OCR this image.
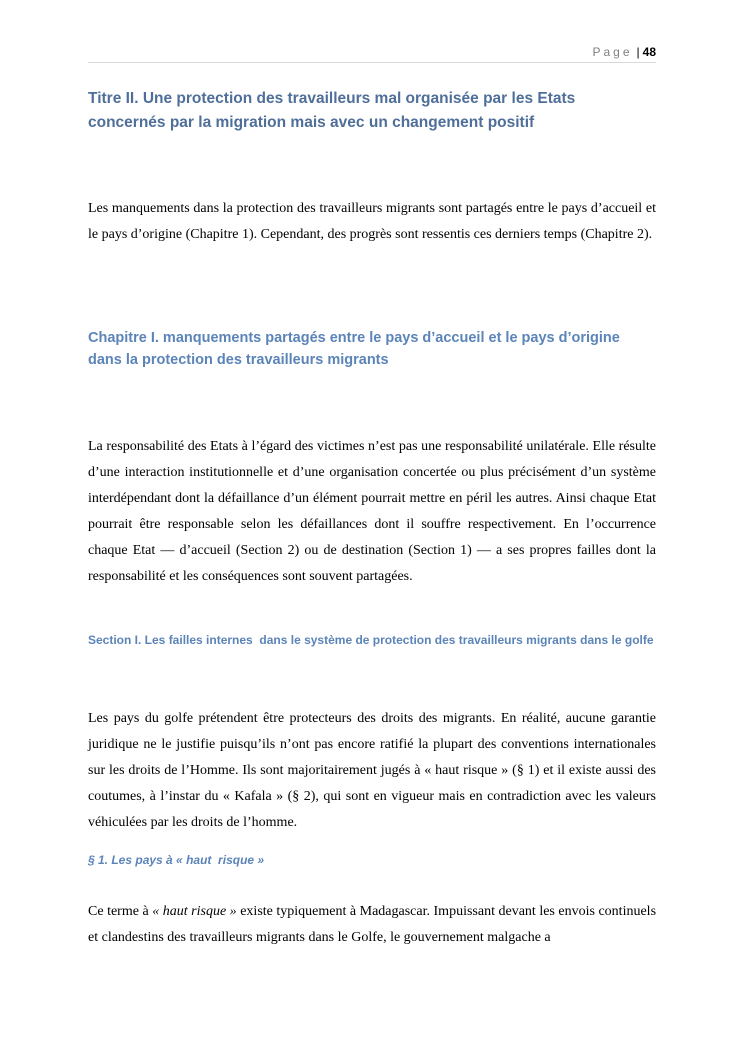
Page | 48
Titre II. Une protection des travailleurs mal organisée par les Etats concernés par la migration mais avec un changement positif
Les manquements dans la protection des travailleurs migrants sont partagés entre le pays d’accueil et le pays d’origine (Chapitre 1). Cependant, des progrès sont ressentis ces derniers temps (Chapitre 2).
Chapitre I. manquements partagés entre le pays d’accueil et le pays d’origine dans la protection des travailleurs migrants
La responsabilité des Etats à l’égard des victimes n’est pas une responsabilité unilatérale. Elle résulte d’une interaction institutionnelle et d’une organisation concertée ou plus précisément d’un système interdépendant dont la défaillance d’un élément pourrait mettre en péril les autres. Ainsi chaque Etat pourrait être responsable selon les défaillances dont il souffre respectivement. En l’occurrence chaque Etat — d’accueil (Section 2) ou de destination (Section 1) — a ses propres failles dont la responsabilité et les conséquences sont souvent partagées.
Section I. Les failles internes  dans le système de protection des travailleurs migrants dans le golfe
Les pays du golfe prétendent être protecteurs des droits des migrants. En réalité, aucune garantie juridique ne le justifie puisqu’ils n’ont pas encore ratifié la plupart des conventions internationales sur les droits de l’Homme. Ils sont majoritairement jugés à « haut risque » (§ 1) et il existe aussi des coutumes, à l’instar du « Kafala » (§ 2), qui sont en vigueur mais en contradiction avec les valeurs véhiculées par les droits de l’homme.
§ 1. Les pays à « haut  risque »
Ce terme à « haut risque » existe typiquement à Madagascar. Impuissant devant les envois continuels et clandestins des travailleurs migrants dans le Golfe, le gouvernement malgache a
